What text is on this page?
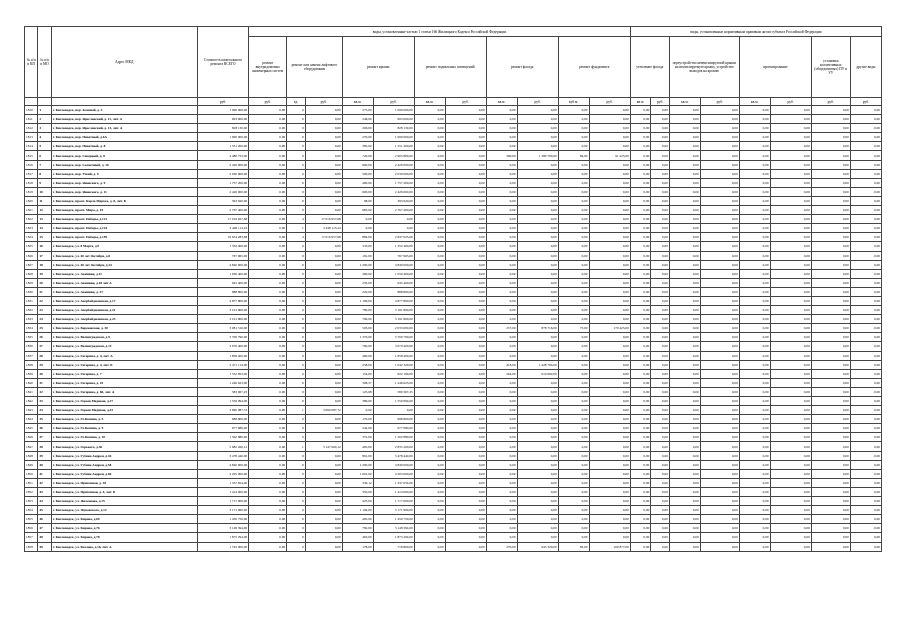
№ п/п в КП	№ п/п в МО	Адрес МКД	Стоимость капитального ремонта ВСЕГО	виды, установленные частью 1 статьи 166 Жилищного Кодекса Российской Федерации											виды, установленные нормативным правовым актом субъекта Российской Федерации							
				ремонт внутридомовых инженерных систем	ремонт или замена лифтового оборудования		ремонт крыши		ремонт подвальных помещений		ремонт фасада		ремонт фундамента		утепление фасада		переустройство невентилируемой крыши на вентилируемую крышу, устройство выходов на кровлю		проектирование		установка коллективных (общедомовых) ПУ и УУ	другие виды
			руб.	руб.	ед.	руб.	кв.м.	руб.	кв.м.	руб.	кв.м.	руб.	куб.м.	руб.	кв.м.	руб.	кв.м.	руб.	кв.м.	руб.	руб.	руб.
1810	1	г. Кисловодск, пер. Зеленый, д. 3	1 090 000,00	0,00	0	0,00	275,00	1 090 000,00	0,00	0,00	0,00	0,00	0,00	0,00	0,00	0,00	0,00	0,00	0,00	0,00	0,00	0,00
1811	2	г. Кисловодск, пер. Ярославский, д. 11, лит. А	993 000,00	0,00	0	0,00	246,00	993 000,00	0,00	0,00	0,00	0,00	0,00	0,00	0,00	0,00	0,00	0,00	0,00	0,00	0,00	0,00
1812	3	г. Кисловодск, пер. Ярославский, д. 13, лит. А	828 130,00	0,00	0	0,00	206,00	828 130,00	0,00	0,00	0,00	0,00	0,00	0,00	0,00	0,00	0,00	0,00	0,00	0,00	0,00	0,00
1813	4	г. Кисловодск, пер. Пикетный, д.6А	1 090 000,00	0,00	0	0,00	270,00	1 090 000,00	0,00	0,00	0,00	0,00	0,00	0,00	0,00	0,00	0,00	0,00	0,00	0,00	0,00	0,00
1814	5	г. Кисловодск, пер. Пикетный, д. 8	1 551 200,00	0,00	0	0,00	385,00	1 551 200,00	0,00	0,00	0,00	0,00	0,00	0,00	0,00	0,00	0,00	0,00	0,00	0,00	0,00	0,00
1815	6	г. Кисловодск, пер. Северный, д. 8	4 480 725,00	0,00	0	0,00	720,00	2 905 800,00	0,00	0,00	390,00	1 380 700,00	84,00	91 225,00	0,00	0,00	0,00	0,00	0,00	0,00	0,00	0,00
1816	7	г. Кисловодск, пер. Солнечный, д. 16	2 426 000,00	0,00	0	0,00	600,00	2 426 000,00	0,00	0,00	0,00	0,00	0,00	0,00	0,00	0,00	0,00	0,00	0,00	0,00	0,00	0,00
1817	8	г. Кисловодск, пер. Узкий, д. 9	2 030 000,00	0,00	0	0,00	500,00	2 030 000,00	0,00	0,00	0,00	0,00	0,00	0,00	0,00	0,00	0,00	0,00	0,00	0,00	0,00	0,00
1818	9	г. Кисловодск, пер. Яновского, д. 9	1 757 200,00	0,00	0	0,00	400,00	1 757 200,00	0,00	0,00	0,00	0,00	0,00	0,00	0,00	0,00	0,00	0,00	0,00	0,00	0,00	0,00
1819	10	г. Кисловодск, пер. Яновского, д. 11	2 426 000,00	0,00	0	0,00	600,00	2 426 000,00	0,00	0,00	0,00	0,00	0,00	0,00	0,00	0,00	0,00	0,00	0,00	0,00	0,00	0,00
1820	11	г. Кисловодск, просп. Карла Маркса, д. 8, лит. Б	393 920,00	0,00	0	0,00	98,00	393 920,00	0,00	0,00	0,00	0,00	0,00	0,00	0,00	0,00	0,00	0,00	0,00	0,00	0,00	0,00
1821	12	г. Кисловодск, просп. Мира, д. 19	2 767 400,00	0,00	0	0,00	683,00	2 767 400,00	0,00	0,00	0,00	0,00	0,00	0,00	0,00	0,00	0,00	0,00	0,00	0,00	0,00	0,00
1822	13	г. Кисловодск, просп. Победы, д.121	17 016 657,68	0,00	4	17 016 657,68	0,00	0,00	0,00	0,00	0,00	0,00	0,00	0,00	0,00	0,00	0,00	0,00	0,00	0,00	0,00	0,00
1823	14	г. Кисловодск, просп. Победы, д.124	3 448 113,24	0,00	1	3 448 113,24	0,00	0,00	0,00	0,00	0,00	0,00	0,00	0,00	0,00	0,00	0,00	0,00	0,00	0,00	0,00	0,00
1824	15	г. Кисловодск, просп. Победы, д.159	19 654 283,68	0,00	4	17 016 657,68	884,00	2 637 625,00	0,00	0,00	0,00	0,00	0,00	0,00	0,00	0,00	0,00	0,00	0,00	0,00	0,00	0,00
1825	16	г. Кисловодск, ул. 8 Марта, д.9	1 352 400,00	0,00	0	0,00	333,00	1 352 400,00	0,00	0,00	0,00	0,00	0,00	0,00	0,00	0,00	0,00	0,00	0,00	0,00	0,00	0,00
1826	17	г. Кисловодск, ул. 40 лет Октября, д.8	767 965,00	0,00	0	0,00	191,00	767 965,00	0,00	0,00	0,00	0,00	0,00	0,00	0,00	0,00	0,00	0,00	0,00	0,00	0,00	0,00
1827	18	г. Кисловодск, ул. 40 лет Октября, д.24	4 840 000,00	0,00	0	0,00	1 200,00	4 840 000,00	0,00	0,00	0,00	0,00	0,00	0,00	0,00	0,00	0,00	0,00	0,00	0,00	0,00	0,00
1828	19	г. Кисловодск, ул. Акинина, д.11	1 050 400,00	0,00	0	0,00	260,00	1 050 400,00	0,00	0,00	0,00	0,00	0,00	0,00	0,00	0,00	0,00	0,00	0,00	0,00	0,00	0,00
1829	20	г. Кисловодск, ул. Акинина, д.18 лит А	945 400,00	0,00	0	0,00	235,00	945 400,00	0,00	0,00	0,00	0,00	0,00	0,00	0,00	0,00	0,00	0,00	0,00	0,00	0,00	0,00
1830	21	г. Кисловодск, ул. Акинина, д. 27	888 800,00	0,00	0	0,00	220,00	888 800,00	0,00	0,00	0,00	0,00	0,00	0,00	0,00	0,00	0,00	0,00	0,00	0,00	0,00	0,00
1831	22	г. Кисловодск, ул. Азербайджанская, д.17	4 877 800,00	0,00	0	0,00	1 190,00	4 877 800,00	0,00	0,00	0,00	0,00	0,00	0,00	0,00	0,00	0,00	0,00	0,00	0,00	0,00	0,00
1832	23	г. Кисловодск, ул. Азербайджанская, д.21	3 191 800,00	0,00	0	0,00	790,00	3 191 800,00	0,00	0,00	0,00	0,00	0,00	0,00	0,00	0,00	0,00	0,00	0,00	0,00	0,00	0,00
1833	24	г. Кисловодск, ул. Азербайджанская, д.23	3 191 800,00	0,00	0	0,00	790,00	3 191 800,00	0,00	0,00	0,00	0,00	0,00	0,00	0,00	0,00	0,00	0,00	0,00	0,00	0,00	0,00
1834	25	г. Кисловодск, ул. Березовская, д. 30	3 081 516,00	0,00	0	0,00	503,00	2 033 000,00	0,00	0,00	257,00	878 716,00	73,00	170 425,00	0,00	0,00	0,00	0,00	0,00	0,00	0,00	0,00
1835	26	г. Кисловодск, ул. Велинградская, д.9	3 700 790,00	0,00	0	0,00	1 370,00	3 700 790,00	0,00	0,00	0,00	0,00	0,00	0,00	0,00	0,00	0,00	0,00	0,00	0,00	0,00	0,00
1836	27	г. Кисловодск, ул. Велинградская, д.12	3 070 400,00	0,00	0	0,00	760,00	3 070 400,00	0,00	0,00	0,00	0,00	0,00	0,00	0,00	0,00	0,00	0,00	0,00	0,00	0,00	0,00
1837	28	г. Кисловодск, ул. Гагарина, д. 4, лит. А	1 858 400,00	0,00	0	0,00	460,00	1 858 400,00	0,00	0,00	0,00	0,00	0,00	0,00	0,00	0,00	0,00	0,00	0,00	0,00	0,00	0,00
1838	29	г. Кисловодск, ул. Гагарина, д. 4, лит. Б	2 471 114,00	0,00	0	0,00	258,00	1 042 320,00	0,00	0,00	418,00	1 428 794,00	0,00	0,00	0,00	0,00	0,00	0,00	0,00	0,00	0,00	0,00
1839	30	г. Кисловодск, ул. Гагарина, д. 7	1 532 852,00	0,00	0	0,00	154,00	622 160,00	0,00	0,00	264,00	910 692,00	0,00	0,00	0,00	0,00	0,00	0,00	0,00	0,00	0,00	0,00
1840	31	г. Кисловодск, ул. Гагарина, д. 10	1 246 623,00	0,00	0	0,00	308,57	1 246 623,00	0,00	0,00	0,00	0,00	0,00	0,00	0,00	0,00	0,00	0,00	0,00	0,00	0,00	0,00
1841	32	г. Кисловодск, ул. Гагарина, д. 60, лит. А	583 067,25	0,00	0	0,00	125,68	580 367,25	0,00	0,00	0,00	0,00	0,00	0,00	0,00	0,00	0,00	0,00	0,00	0,00	0,00	0,00
1842	33	г. Кисловодск, ул. Героев Медиков, д.17	1 559 994,00	0,00	0	0,00	386,00	1 559 994,00	0,00	0,00	0,00	0,00	0,00	0,00	0,00	0,00	0,00	0,00	0,00	0,00	0,00	0,00
1843	34	г. Кисловодск, ул. Героев Медиков, д.33	3 690 087,72	0,00	1	3 690 087,72	0,00	0,00	0,00	0,00	0,00	0,00	0,00	0,00	0,00	0,00	0,00	0,00	0,00	0,00	0,00	0,00
1844	35	г. Кисловодск, ул. Гл.Копина, д. 5	686 800,00	0,00	0	0,00	170,00	686 800,00	0,00	0,00	0,00	0,00	0,00	0,00	0,00	0,00	0,00	0,00	0,00	0,00	0,00	0,00
1845	36	г. Кисловодск, ул. Гл.Копина, д. 9	977 680,00	0,00	0	0,00	242,00	977 680,00	0,00	0,00	0,00	0,00	0,00	0,00	0,00	0,00	0,00	0,00	0,00	0,00	0,00	0,00
1846	37	г. Кисловодск, ул. Гл.Копина, д. 10	1 502 880,00	0,00	0	0,00	372,00	1 502 880,00	0,00	0,00	0,00	0,00	0,00	0,00	0,00	0,00	0,00	0,00	0,00	0,00	0,00	0,00
1847	38	г. Кисловодск, ул. Горького, д.36	5 982 260,12	0,00	1	3 147 060,12	465,00	2 835 200,00	0,00	0,00	0,00	0,00	0,00	0,00	0,00	0,00	0,00	0,00	0,00	0,00	0,00	0,00
1848	39	г. Кисловодск, ул. Губина Андрея, д.44	3 478 440,00	0,00	0	0,00	861,00	3 478 440,00	0,00	0,00	0,00	0,00	0,00	0,00	0,00	0,00	0,00	0,00	0,00	0,00	0,00	0,00
1849	40	г. Кисловодск, ул. Губина Андрея, д.58	4 840 000,00	0,00	0	0,00	1 200,00	4 840 000,00	0,00	0,00	0,00	0,00	0,00	0,00	0,00	0,00	0,00	0,00	0,00	0,00	0,00	0,00
1850	41	г. Кисловодск, ул. Губина Андрея, д.60	4 205 000,00	0,00	0	0,00	1 091,00	4 205 000,00	0,00	0,00	0,00	0,00	0,00	0,00	0,00	0,00	0,00	0,00	0,00	0,00	0,00	0,00
1851	42	г. Кисловодск, ул. Пригонная, д. 18	1 337 654,00	0,00	0	0,00	330,12	1 337 654,00	0,00	0,00	0,00	0,00	0,00	0,00	0,00	0,00	0,00	0,00	0,00	0,00	0,00	0,00
1852	43	г. Кисловодск, ул. Пригонная, д. 4, лит. Б	1 414 000,00	0,00	0	0,00	350,00	1 414 000,00	0,00	0,00	0,00	0,00	0,00	0,00	0,00	0,00	0,00	0,00	0,00	0,00	0,00	0,00
1853	44	г. Кисловодск, ул. Железнова, д.15	1 717 000,00	0,00	0	0,00	425,00	1 717 000,00	0,00	0,00	0,00	0,00	0,00	0,00	0,00	0,00	0,00	0,00	0,00	0,00	0,00	0,00
1854	45	г. Кисловодск, ул. Жуковского, д.12	3 171 960,00	0,00	0	0,00	1 194,00	3 171 960,00	0,00	0,00	0,00	0,00	0,00	0,00	0,00	0,00	0,00	0,00	0,00	0,00	0,00	0,00
1855	46	г. Кисловодск, ул. Кирова, д.69	1 450 750,00	0,00	0	0,00	495,00	1 450 750,00	0,00	0,00	0,00	0,00	0,00	0,00	0,00	0,00	0,00	0,00	0,00	0,00	0,00	0,00
1856	47	г. Кисловодск, ул. Кирова, д.76	3 148 394,00	0,00	0	0,00	782,00	3 148 394,00	0,00	0,00	0,00	0,00	0,00	0,00	0,00	0,00	0,00	0,00	0,00	0,00	0,00	0,00
1857	48	г. Кисловодск, ул. Кирова, д.78	1 873 294,00	0,00	0	0,00	463,00	1 873 294,00	0,00	0,00	0,00	0,00	0,00	0,00	0,00	0,00	0,00	0,00	0,00	0,00	0,00	0,00
1858	49	г. Кисловодск, ул. Козлова, д.16, лит. А	1 763 000,00	0,00	0	0,00	178,00	718 800,00	0,00	0,00	270,00	943 320,00	83,00	100 877,00	0,00	0,00	0,00	0,00	0,00	0,00	0,00	0,00
